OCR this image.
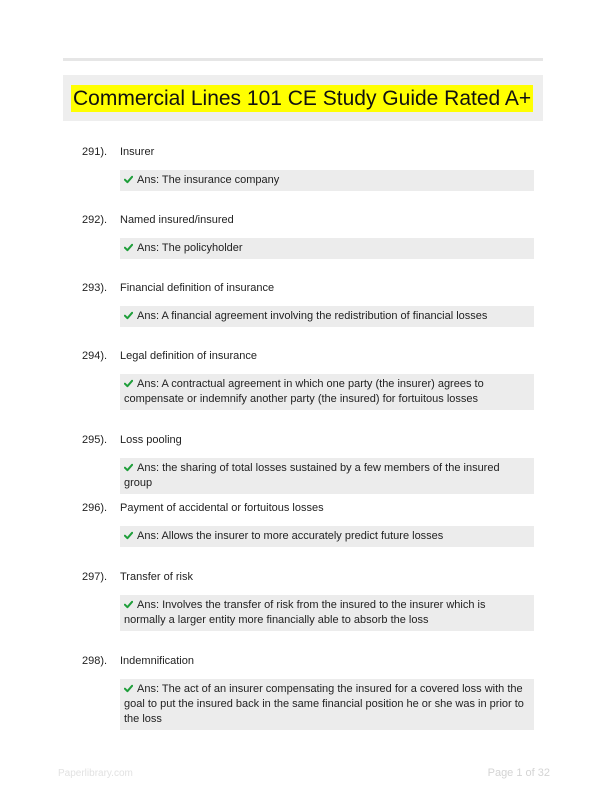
Commercial Lines 101 CE Study Guide Rated A+
291). Insurer
Ans: The insurance company
292). Named insured/insured
Ans: The policyholder
293). Financial definition of insurance
Ans: A financial agreement involving the redistribution of financial losses
294). Legal definition of insurance
Ans: A contractual agreement in which one party (the insurer) agrees to compensate or indemnify another party (the insured) for fortuitous losses
295). Loss pooling
Ans: the sharing of total losses sustained by a few members of the insured group
296). Payment of accidental or fortuitous losses
Ans: Allows the insurer to more accurately predict future losses
297). Transfer of risk
Ans: Involves the transfer of risk from the insured to the insurer which is normally a larger entity more financially able to absorb the loss
298). Indemnification
Ans: The act of an insurer compensating the insured for a covered loss with the goal to put the insured back in the same financial position he or she was in prior to the loss
Paperlibrary.com	Page 1 of 32
